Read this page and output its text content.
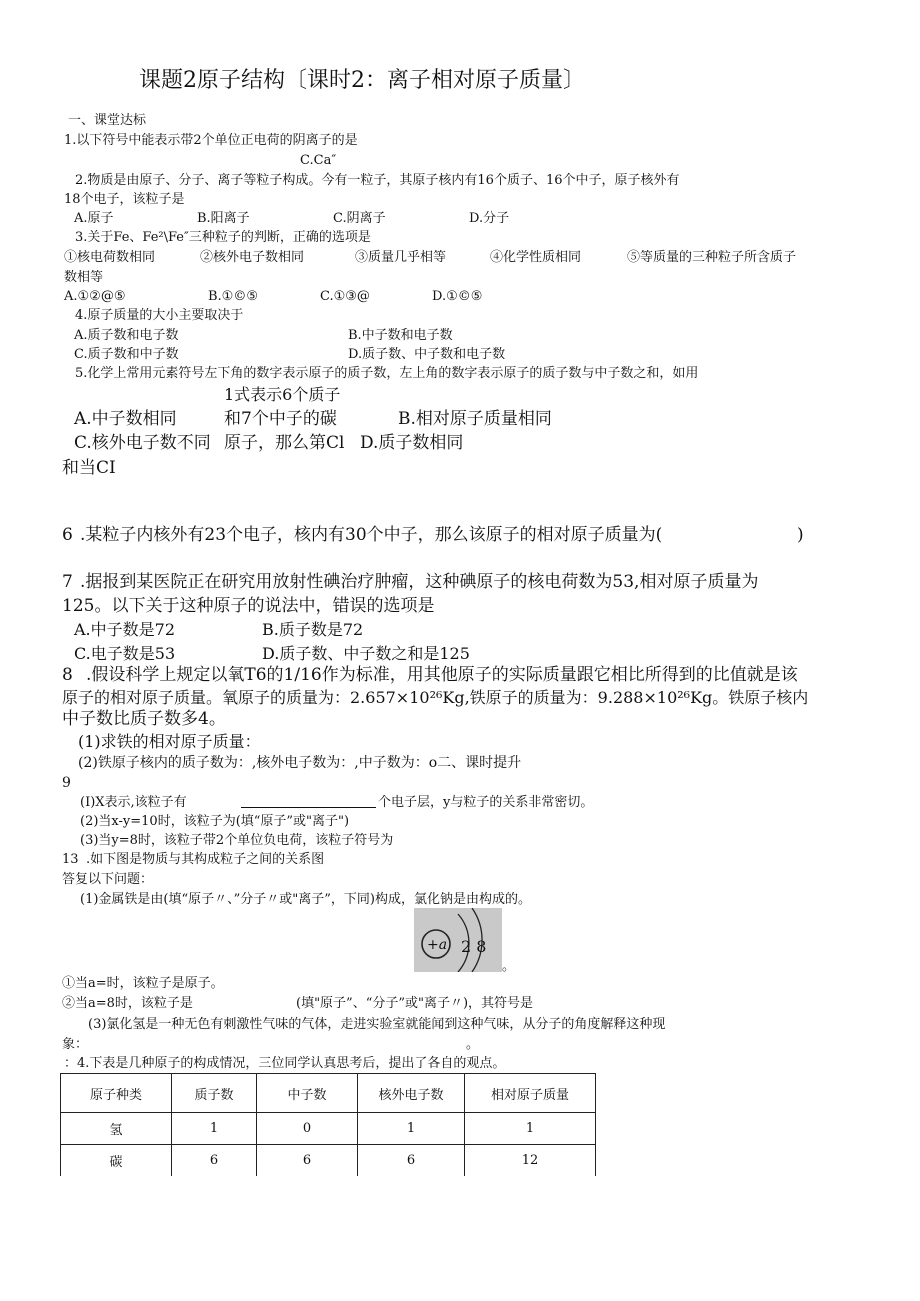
课题2原子结构〔课时2：离子相对原子质量〕
一、课堂达标
1.以下符号中能表示带2个单位正电荷的阴离子的是
C.Ca″
2.物质是由原子、分子、离子等粒子构成。今有一粒子，其原子核内有16个质子、16个中子，原子核外有
18个电子，该粒子是
A.原子	B.阳离子	C.阴离子	D.分子
3.关于Fe、Fe²\Fe″三种粒子的判断，正确的选项是
①核电荷数相同	②核外电子数相同	③质量几乎相等	④化学性质相同	⑤等质量的三种粒子所含质子
数相等
A.①②@⑤	B.①©⑤	C.①③@	D.①©⑤
4.原子质量的大小主要取决于
A.质子数和电子数	B.中子数和电子数
C.质子数和中子数	D.质子数、中子数和电子数
5.化学上常用元素符号左下角的数字表示原子的质子数，左上角的数字表示原子的质子数与中子数之和，如用
1式表示6个质子
A.中子数相同	和7个中子的碳	B.相对原子质量相同
C.核外电子数不同 原子，那么第Cl D.质子数相同
和当CI
6 .某粒子内核外有23个电子，核内有30个中子，那么该原子的相对原子质量为(	)
7 .据报到某医院正在研究用放射性碘治疗肿瘤，这种碘原子的核电荷数为53,相对原子质量为
125。以下关于这种原子的说法中，错误的选项是
A.中子数是72	B.质子数是72
C.电子数是53	D.质子数、中子数之和是125
8 .假设科学上规定以氧T6的1/16作为标准，用其他原子的实际质量跟它相比所得到的比值就是该
原子的相对原子质量。氧原子的质量为：2.657×10²⁶Kg,铁原子的质量为：9.288×10²⁶Kg。铁原子核内
中子数比质子数多4。
(1)求铁的相对原子质量：
(2)铁原子核内的质子数为：,核外电子数为：,中子数为：o二、课时提升
9
(I)X表示,该粒子有	个电子层，y与粒子的关系非常密切。
(2)当x-y=10时，该粒子为(填“原子”或"离子")
(3)当y=8时，该粒子带2个单位负电荷，该粒子符号为
13 .如下图是物质与其构成粒子之间的关系图
答复以下问题：
(1)金属铁是由(填“原子〃、”分子〃或"离子”，下同)构成，氯化钠是由构成的。
+a 2 8
。
①当a=时，该粒子是原子。
②当a=8时，该粒子是	(填"原子”、“分子”或"离子〃)，其符号是
(3)氯化氢是一种无色有刺激性气味的气体，走进实验室就能闻到这种气味，从分子的角度解释这种现
象：	。
：4.下表是几种原子的构成情况，三位同学认真思考后，提出了各自的观点。
原子种类	质子数	中子数	核外电子数	相对原子质量
氢	1	0	1	1
碳	6	6	6	12
